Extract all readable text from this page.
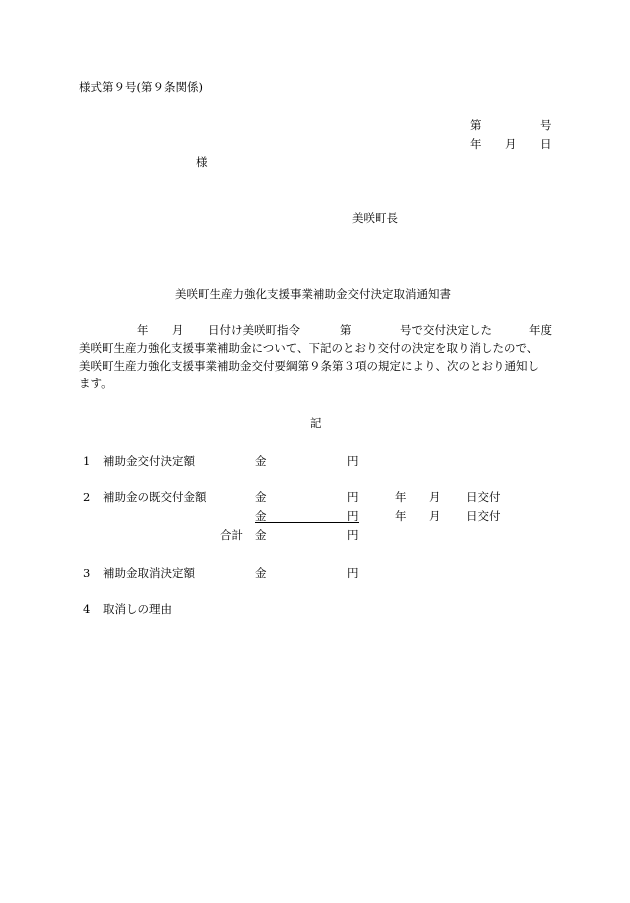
様式第９号(第９条関係)
第	号
年 月 日
様
美咲町長
美咲町生産力強化支援事業補助金交付決定取消通知書
年 月 日付け美咲町指令	第	号で交付決定した	年度
美咲町生産力強化支援事業補助金について、下記のとおり交付の決定を取り消したので、
美咲町生産力強化支援事業補助金交付要綱第９条第３項の規定により、次のとおり通知し
ます。
記
1 補助金交付決定額	金	円
2 補助金の既交付金額	金	円	年 月 日交付
金	円	年 月 日交付
合計 金	円
3 補助金取消決定額	金	円
4 取消しの理由
